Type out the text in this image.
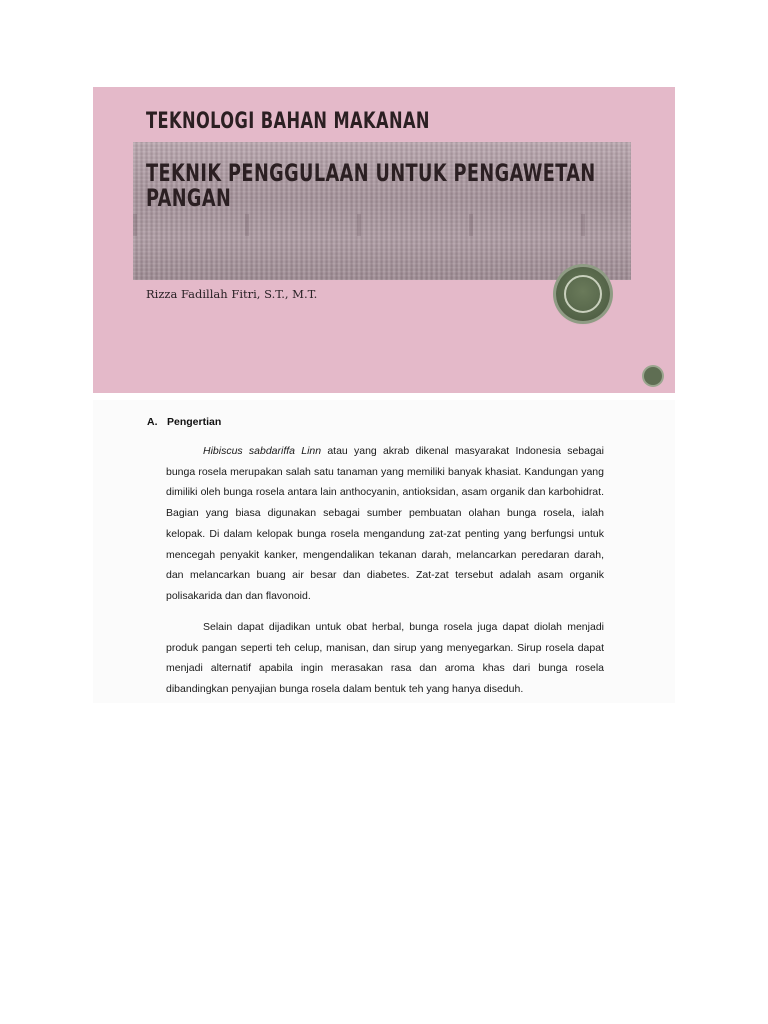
TEKNOLOGI BAHAN MAKANAN
TEKNIK PENGGULAAN UNTUK PENGAWETAN PANGAN
Rizza Fadillah Fitri, S.T., M.T.
A. Pengertian

Hibiscus sabdariffa Linn atau yang akrab dikenal masyarakat Indonesia sebagai bunga rosela merupakan salah satu tanaman yang memiliki banyak khasiat. Kandungan yang dimiliki oleh bunga rosela antara lain anthocyanin, antioksidan, asam organik dan karbohidrat. Bagian yang biasa digunakan sebagai sumber pembuatan olahan bunga rosela, ialah kelopak. Di dalam kelopak bunga rosela mengandung zat-zat penting yang berfungsi untuk mencegah penyakit kanker, mengendalikan tekanan darah, melancarkan peredaran darah, dan melancarkan buang air besar dan diabetes. Zat-zat tersebut adalah asam organik polisakarida dan dan flavonoid.

Selain dapat dijadikan untuk obat herbal, bunga rosela juga dapat diolah menjadi produk pangan seperti teh celup, manisan, dan sirup yang menyegarkan. Sirup rosela dapat menjadi alternatif apabila ingin merasakan rasa dan aroma khas dari bunga rosela dibandingkan penyajian bunga rosela dalam bentuk teh yang hanya diseduh.
